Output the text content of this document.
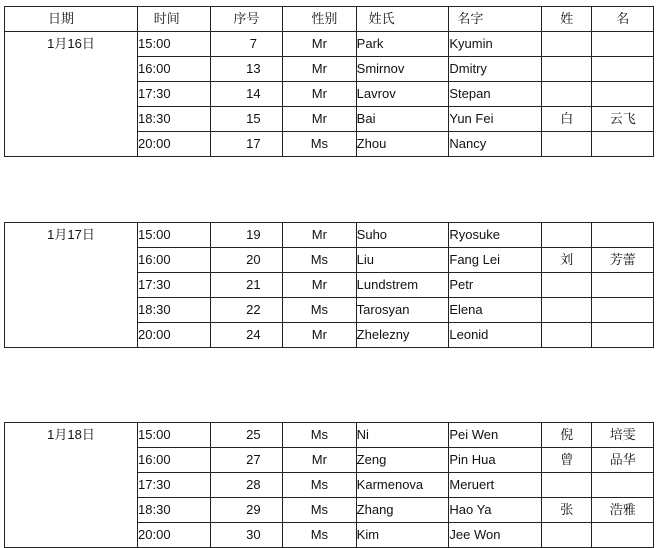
日期	时间	序号	性别	姓氏	名字	姓	名
1月16日	15:00	7	Mr	Park	Kyumin		
	16:00	13	Mr	Smirnov	Dmitry		
	17:30	14	Mr	Lavrov	Stepan		
	18:30	15	Mr	Bai	Yun Fei	白	云飞
	20:00	17	Ms	Zhou	Nancy		
1月17日	15:00	19	Mr	Suho	Ryosuke		
	16:00	20	Ms	Liu	Fang Lei	刘	芳蕾
	17:30	21	Mr	Lundstrem	Petr		
	18:30	22	Ms	Tarosyan	Elena		
	20:00	24	Mr	Zhelezny	Leonid		
1月18日	15:00	25	Ms	Ni	Pei Wen	倪	培雯
	16:00	27	Mr	Zeng	Pin Hua	曾	品华
	17:30	28	Ms	Karmenova	Meruert		
	18:30	29	Ms	Zhang	Hao Ya	张	浩雅
	20:00	30	Ms	Kim	Jee Won		
